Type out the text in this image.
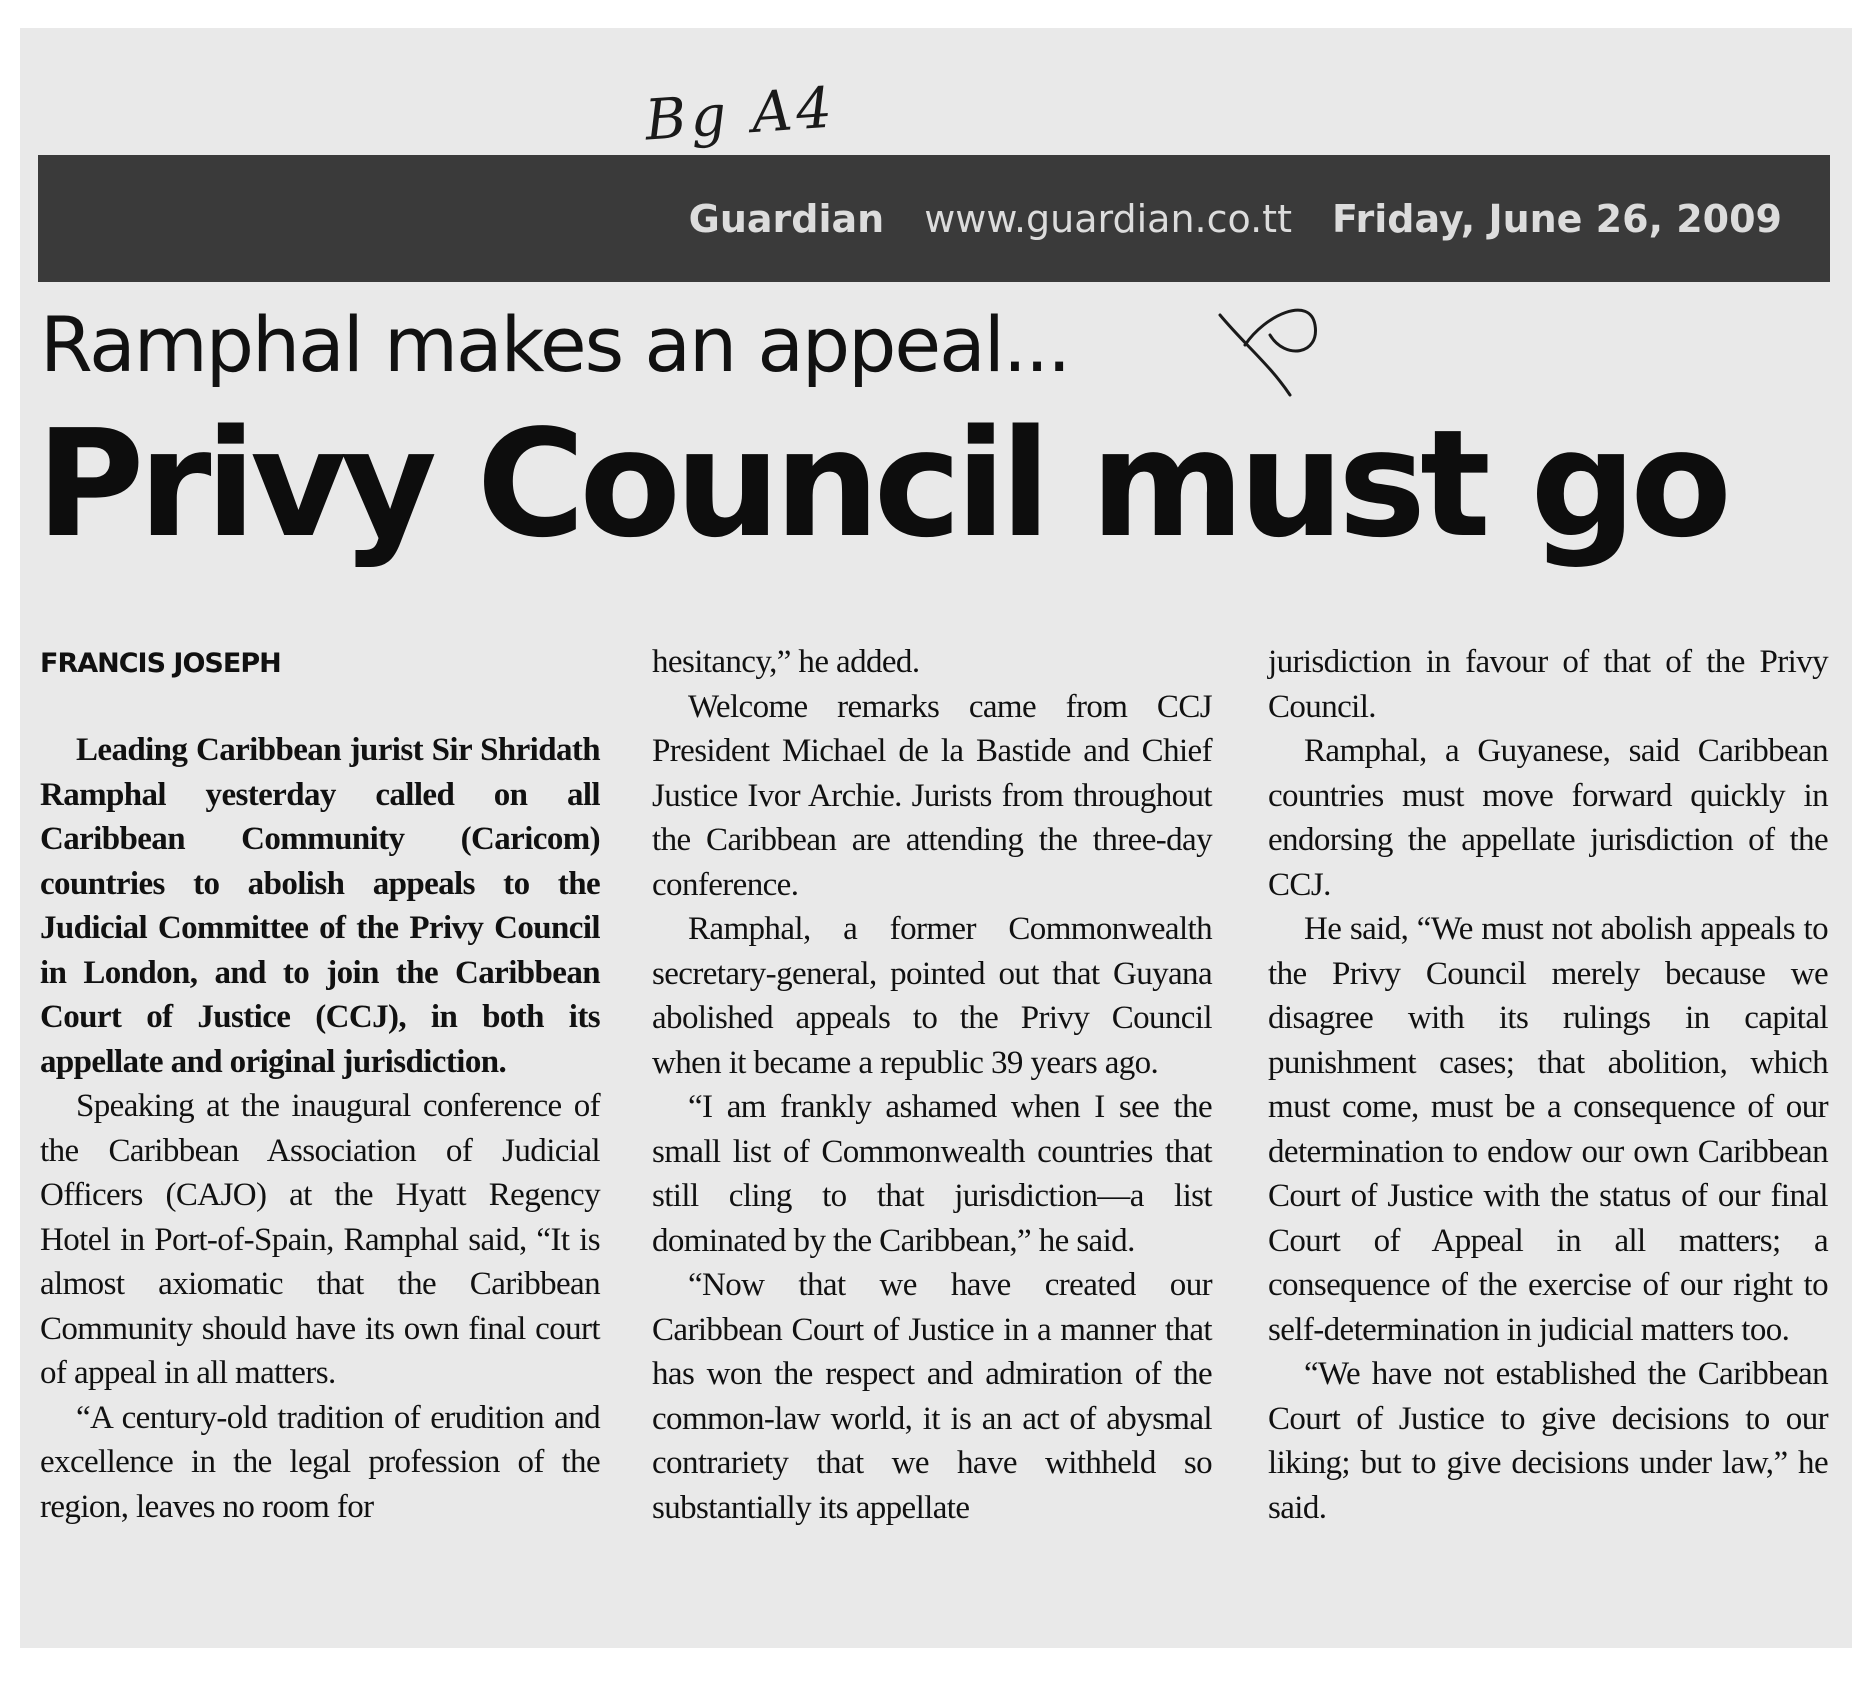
Bg A4
Guardian www.guardian.co.tt Friday, June 26, 2009
Ramphal makes an appeal...
Privy Council must go
FRANCIS JOSEPH

Leading Caribbean jurist Sir Shridath Ramphal yesterday called on all Caribbean Community (Caricom) countries to abolish appeals to the Judicial Committee of the Privy Council in London, and to join the Caribbean Court of Justice (CCJ), in both its appellate and original jurisdiction.

Speaking at the inaugural conference of the Caribbean Association of Judicial Officers (CAJO) at the Hyatt Regency Hotel in Port-of-Spain, Ramphal said, “It is almost axiomatic that the Caribbean Community should have its own final court of appeal in all matters.

“A century-old tradition of erudition and excellence in the legal profession of the region, leaves no room for

hesitancy,” he added.

Welcome remarks came from CCJ President Michael de la Bastide and Chief Justice Ivor Archie. Jurists from throughout the Caribbean are attending the three-day conference.

Ramphal, a former Commonwealth secretary-general, pointed out that Guyana abolished appeals to the Privy Council when it became a republic 39 years ago.

“I am frankly ashamed when I see the small list of Commonwealth countries that still cling to that jurisdiction—a list dominated by the Caribbean,” he said.

“Now that we have created our Caribbean Court of Justice in a manner that has won the respect and admiration of the common-law world, it is an act of abysmal contrariety that we have withheld so substantially its appellate

jurisdiction in favour of that of the Privy Council.

Ramphal, a Guyanese, said Caribbean countries must move forward quickly in endorsing the appellate jurisdiction of the CCJ.

He said, “We must not abolish appeals to the Privy Council merely because we disagree with its rulings in capital punishment cases; that abolition, which must come, must be a consequence of our determination to endow our own Caribbean Court of Justice with the status of our final Court of Appeal in all matters; a consequence of the exercise of our right to self-determination in judicial matters too.

“We have not established the Caribbean Court of Justice to give decisions to our liking; but to give decisions under law,” he said.
